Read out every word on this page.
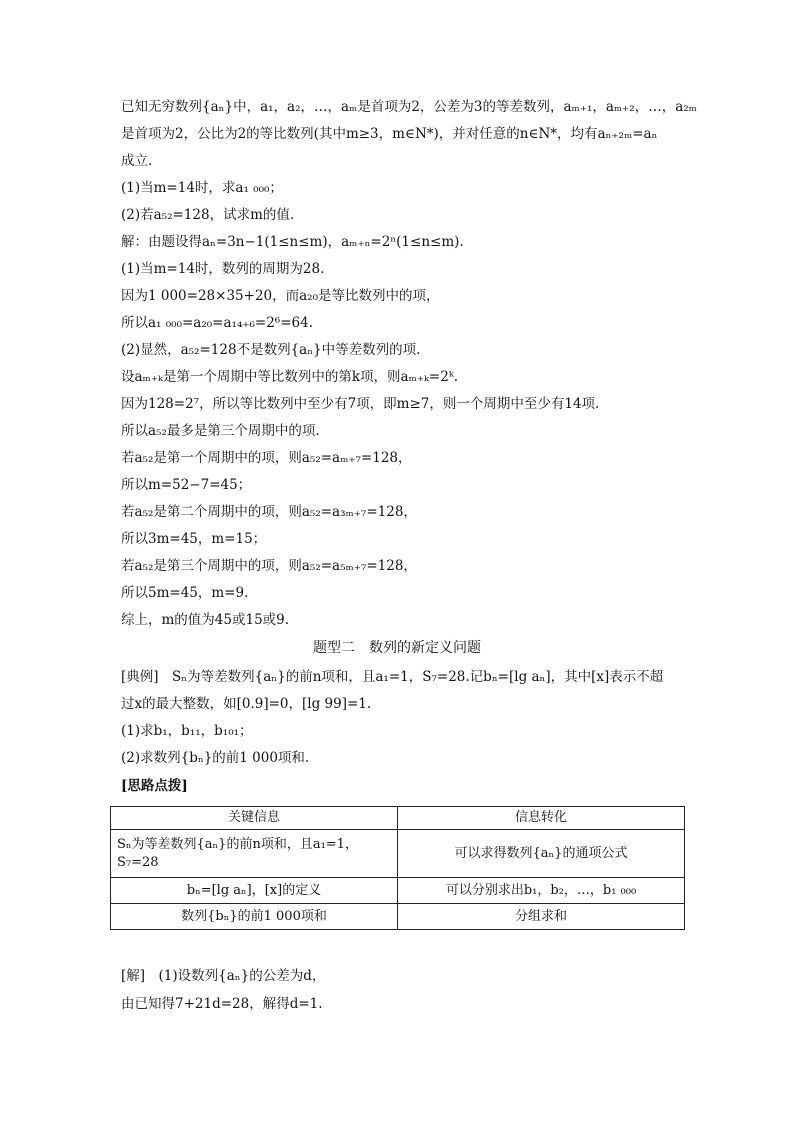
已知无穷数列{aₙ}中，a₁，a₂，…，aₘ是首项为2，公差为3的等差数列，aₘ₊₁，aₘ₊₂，…，a₂ₘ
是首项为2，公比为2的等比数列(其中m≥3，m∈N*)，并对任意的n∈N*，均有aₙ₊₂ₘ=aₙ
成立.
(1)当m=14时，求a₁ ₀₀₀；
(2)若a₅₂=128，试求m的值.
解：由题设得aₙ=3n−1(1≤n≤m)，aₘ₊ₙ=2ⁿ(1≤n≤m).
(1)当m=14时，数列的周期为28.
因为1 000=28×35+20，而a₂₀是等比数列中的项，
所以a₁ ₀₀₀=a₂₀=a₁₄₊₆=2⁶=64.
(2)显然，a₅₂=128不是数列{aₙ}中等差数列的项.
设aₘ₊ₖ是第一个周期中等比数列中的第k项，则aₘ₊ₖ=2ᵏ.
因为128=2⁷，所以等比数列中至少有7项，即m≥7，则一个周期中至少有14项.
所以a₅₂最多是第三个周期中的项.
若a₅₂是第一个周期中的项，则a₅₂=aₘ₊₇=128，
所以m=52−7=45；
若a₅₂是第二个周期中的项，则a₅₂=a₃ₘ₊₇=128，
所以3m=45，m=15；
若a₅₂是第三个周期中的项，则a₅₂=a₅ₘ₊₇=128，
所以5m=45，m=9.
综上，m的值为45或15或9.
题型二　数列的新定义问题
[典例]　Sₙ为等差数列{aₙ}的前n项和，且a₁=1，S₇=28.记bₙ=[lg aₙ]，其中[x]表示不超
过x的最大整数，如[0.9]=0，[lg 99]=1.
(1)求b₁，b₁₁，b₁₀₁；
(2)求数列{bₙ}的前1 000项和.
[思路点拨]
关键信息	信息转化
Sₙ为等差数列{aₙ}的前n项和，且a₁=1，S₇=28	可以求得数列{aₙ}的通项公式
bₙ=[lg aₙ]，[x]的定义	可以分别求出b₁，b₂，…，b₁ ₀₀₀
数列{bₙ}的前1 000项和	分组求和
[解]　(1)设数列{aₙ}的公差为d，
由已知得7+21d=28，解得d=1.
